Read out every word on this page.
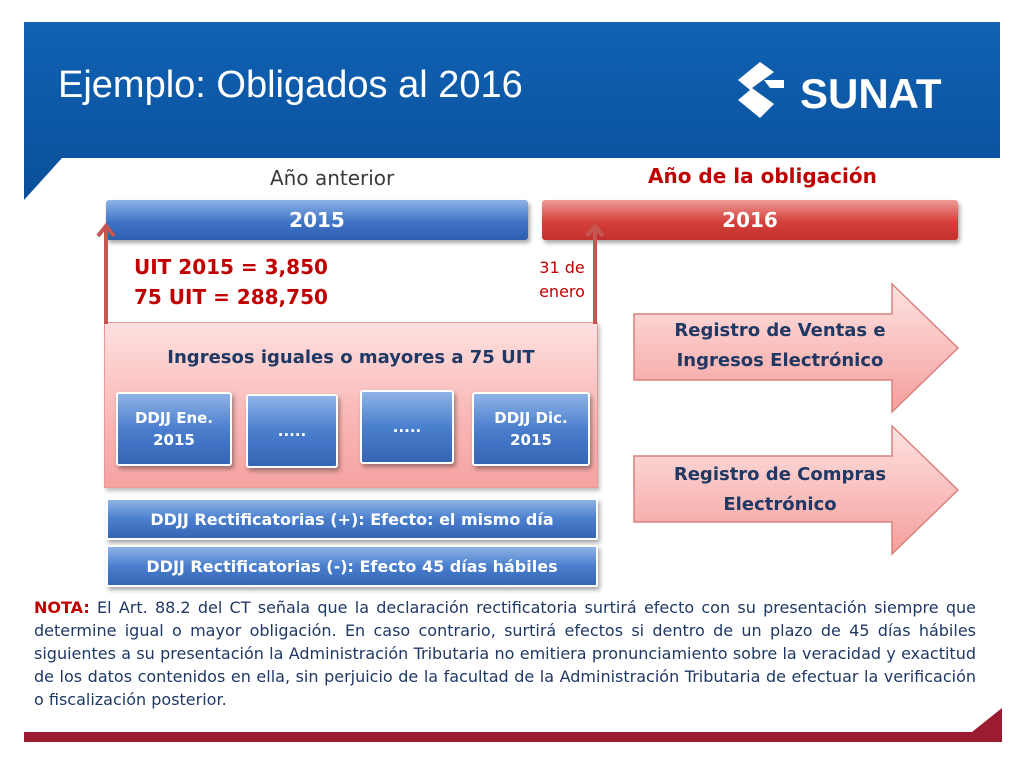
Ejemplo: Obligados al 2016	SUNAT
Año anterior	Año de la obligación
2015	2016
Ingresos iguales o mayores a 75 UIT
UIT 2015 = 3,850
75 UIT = 288,750
31 de
enero
DDJJ Ene.
2015	.....	.....	DDJJ Dic.
2015
DDJJ Rectificatorias (+): Efecto: el mismo día
DDJJ Rectificatorias (-): Efecto 45 días hábiles
Registro de Ventas e
Ingresos Electrónico
Registro de Compras
Electrónico
NOTA: El Art. 88.2 del CT señala que la declaración rectificatoria surtirá efecto con su presentación siempre que determine igual o mayor obligación. En caso contrario, surtirá efectos si dentro de un plazo de 45 días hábiles siguientes a su presentación la Administración Tributaria no emitiera pronunciamiento sobre la veracidad y exactitud de los datos contenidos en ella, sin perjuicio de la facultad de la Administración Tributaria de efectuar la verificación o fiscalización posterior.
